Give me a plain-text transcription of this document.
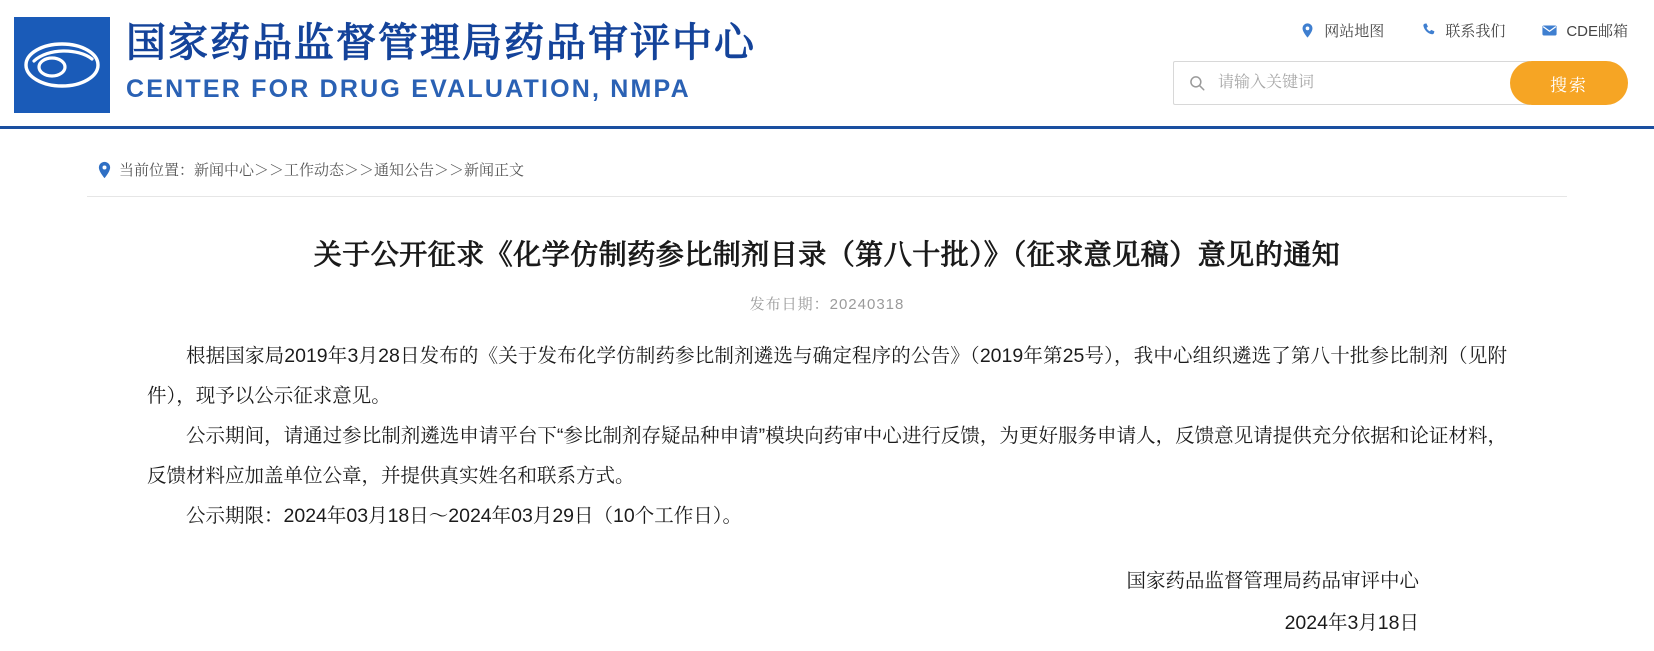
国家药品监督管理局药品审评中心
CENTER FOR DRUG EVALUATION, NMPA
网站地图	联系我们	CDE邮箱
请输入关键词
搜索
当前位置：新闻中心＞＞工作动态＞＞通知公告＞＞新闻正文
关于公开征求《化学仿制药参比制剂目录（第八十批）》（征求意见稿）意见的通知
发布日期：20240318

根据国家局2019年3月28日发布的《关于发布化学仿制药参比制剂遴选与确定程序的公告》（2019年第25号），我中心组织遴选了第八十批参比制剂（见附件），现予以公示征求意见。

公示期间，请通过参比制剂遴选申请平台下“参比制剂存疑品种申请”模块向药审中心进行反馈，为更好服务申请人，反馈意见请提供充分依据和论证材料，反馈材料应加盖单位公章，并提供真实姓名和联系方式。

公示期限：2024年03月18日～2024年03月29日（10个工作日）。

国家药品监督管理局药品审评中心
2024年3月18日
